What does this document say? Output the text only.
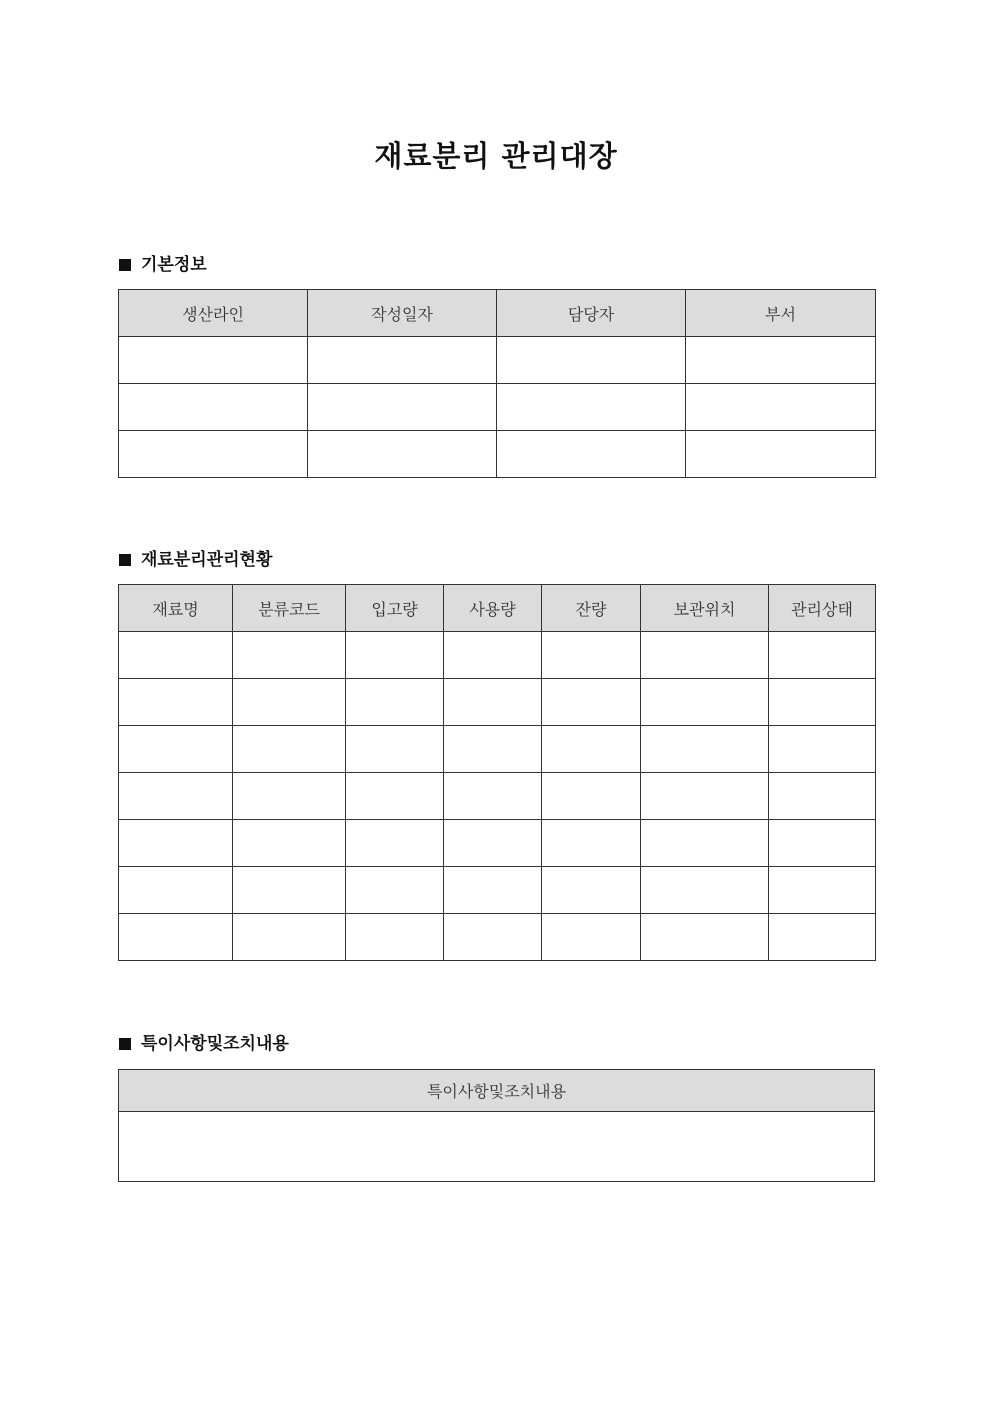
재료분리 관리대장
기본정보
생산라인	작성일자	담당자	부서

재료분리관리현황
재료명	분류코드	입고량	사용량	잔량	보관위치	관리상태

특이사항및조치내용
특이사항및조치내용
